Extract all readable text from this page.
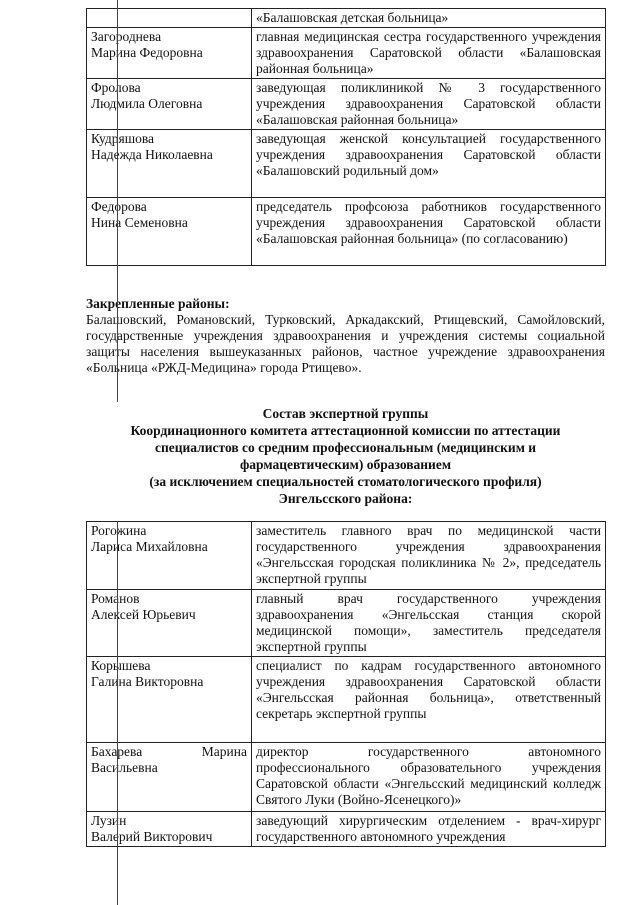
	«Балашовская детская больница»

Загороднева
Марина Федоровна	главная медицинская сестра государственного учреждения здравоохранения Саратовской области «Балашовская районная больница»

Фролова
Людмила Олеговна	заведующая поликлиникой № 3 государственного учреждения здравоохранения Саратовской области «Балашовская районная больница»

Кудряшова
Надежда Николаевна	заведующая женской консультацией государственного учреждения здравоохранения Саратовской области «Балашовский родильный дом»

Федорова
Нина Семеновна	председатель профсоюза работников государственного учреждения здравоохранения Саратовской области «Балашовская районная больница» (по согласованию)
Закрепленные районы:
Балашовский, Романовский, Турковский, Аркадакский, Ртищевский, Самойловский, государственные учреждения здравоохранения и учреждения системы социальной защиты населения вышеуказанных районов, частное учреждение здравоохранения «Больница «РЖД-Медицина» города Ртищево».
Состав экспертной группы
Координационного комитета аттестационной комиссии по аттестации
специалистов со средним профессиональным (медицинским и
фармацевтическим) образованием
(за исключением специальностей стоматологического профиля)
Энгельсского района:
Рогожина
Лариса Михайловна	заместитель главного врач по медицинской части государственного учреждения здравоохранения «Энгельсская городская поликлиника № 2», председатель экспертной группы

Романов
Алексей Юрьевич	главный врач государственного учреждения здравоохранения «Энгельсская станция скорой медицинской помощи», заместитель председателя экспертной группы

Корышева
Галина Викторовна	специалист по кадрам государственного автономного учреждения здравоохранения Саратовской области «Энгельсская районная больница», ответственный секретарь экспертной группы

Бахарева Марина
Васильевна	директор государственного автономного профессионального образовательного учреждения Саратовской области «Энгельсский медицинский колледж Святого Луки (Войно-Ясенецкого)»

Лузин
Валерий Викторович	заведующий хирургическим отделением - врач-хирург государственного автономного учреждения
